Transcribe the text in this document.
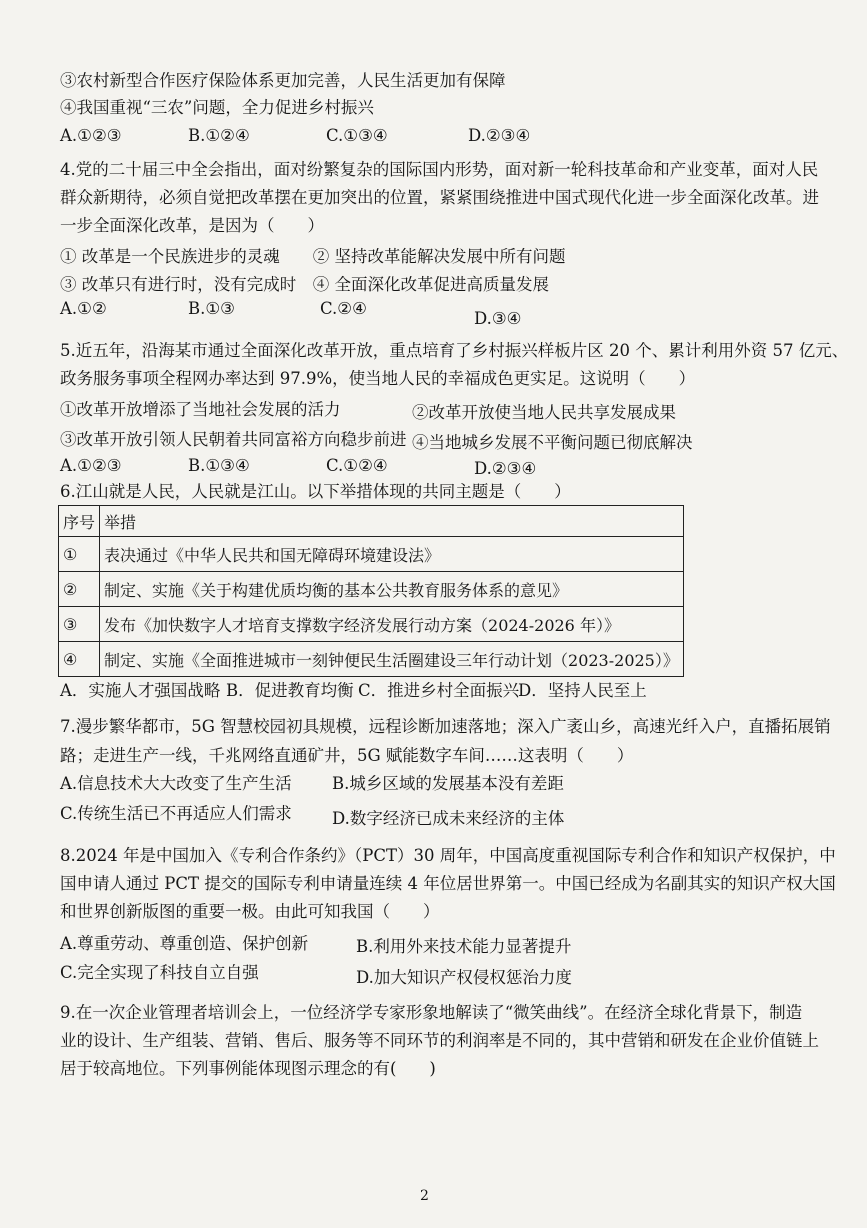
③农村新型合作医疗保险体系更加完善，人民生活更加有保障
④我国重视“三农”问题，全力促进乡村振兴
A.①②③	B.①②④	C.①③④	D.②③④
4.党的二十届三中全会指出，面对纷繁复杂的国际国内形势，面对新一轮科技革命和产业变革，面对人民
群众新期待，必须自觉把改革摆在更加突出的位置，紧紧围绕推进中国式现代化进一步全面深化改革。进
一步全面深化改革，是因为（　　）
① 改革是一个民族进步的灵魂　　② 坚持改革能解决发展中所有问题
③ 改革只有进行时，没有完成时　④ 全面深化改革促进高质量发展
A.①②	B.①③	C.②④
D.③④
5.近五年，沿海某市通过全面深化改革开放，重点培育了乡村振兴样板片区 20 个、累计利用外资 57 亿元、
政务服务事项全程网办率达到 97.9%，使当地人民的幸福成色更实足。这说明（　　）
①改革开放增添了当地社会发展的活力	②改革开放使当地人民共享发展成果
③改革开放引领人民朝着共同富裕方向稳步前进 ④当地城乡发展不平衡问题已彻底解决
A.①②③	B.①③④	C.①②④	D.②③④
6.江山就是人民，人民就是江山。以下举措体现的共同主题是（　　）
序号	举措
①	表决通过《中华人民共和国无障碍环境建设法》
②	制定、实施《关于构建优质均衡的基本公共教育服务体系的意见》
③	发布《加快数字人才培育支撑数字经济发展行动方案（2024-2026 年）》
④	制定、实施《全面推进城市一刻钟便民生活圈建设三年行动计划（2023-2025）》
A．实施人才强国战略 B．促进教育均衡 C．推进乡村全面振兴
D．坚持人民至上
7.漫步繁华都市，5G 智慧校园初具规模，远程诊断加速落地；深入广袤山乡，高速光纤入户，直播拓展销
路；走进生产一线，千兆网络直通矿井，5G 赋能数字车间……这表明（　　）
A.信息技术大大改变了生产生活 B.城乡区域的发展基本没有差距
C.传统生活已不再适应人们需求 D.数字经济已成未来经济的主体
8.2024 年是中国加入《专利合作条约》（PCT）30 周年，中国高度重视国际专利合作和知识产权保护，中
国申请人通过 PCT 提交的国际专利申请量连续 4 年位居世界第一。中国已经成为名副其实的知识产权大国
和世界创新版图的重要一极。由此可知我国（　　）
A.尊重劳动、尊重创造、保护创新	B.利用外来技术能力显著提升
C.完全实现了科技自立自强	D.加大知识产权侵权惩治力度
9.在一次企业管理者培训会上，一位经济学专家形象地解读了“微笑曲线”。在经济全球化背景下，制造
业的设计、生产组装、营销、售后、服务等不同环节的利润率是不同的，其中营销和研发在企业价值链上
居于较高地位。下列事例能体现图示理念的有(　　)
2
